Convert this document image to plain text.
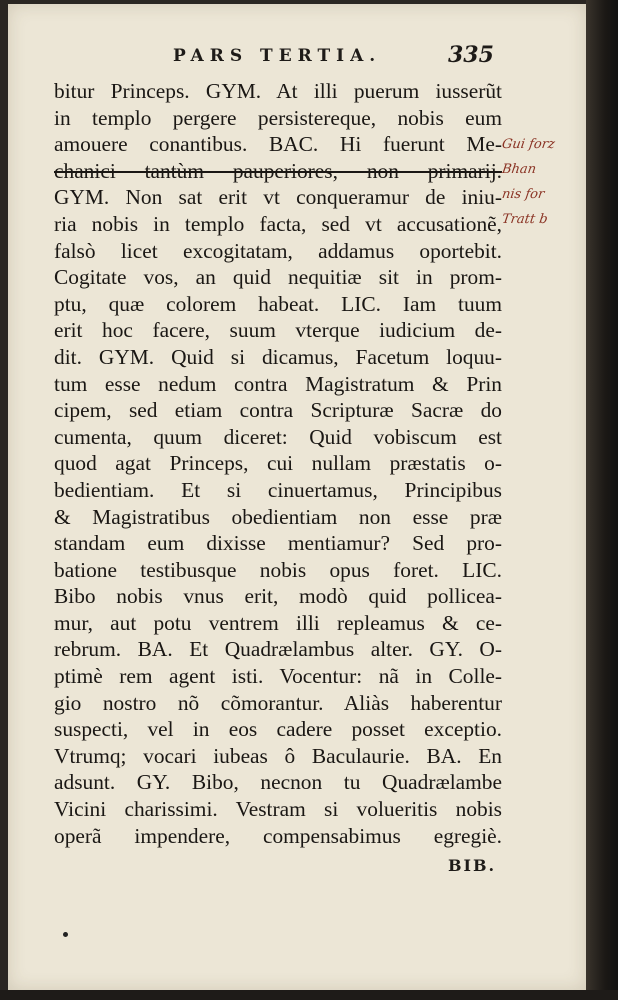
PARS TERTIA.	335
bitur Princeps. GYM. At illi puerum iusserũt
in templo pergere persistereque, nobis eum
amouere conantibus. BAC. Hi fuerunt Me-
chanici tantùm pauperiores, non primarij.
GYM. Non sat erit vt conqueramur de iniu-
ria nobis in templo facta, sed vt accusationẽ,
falsò licet excogitatam, addamus oportebit.
Cogitate vos, an quid nequitiæ sit in prom-
ptu, quæ colorem habeat. LIC. Iam tuum
erit hoc facere, suum vterque iudicium de-
dit. GYM. Quid si dicamus, Facetum loquu-
tum esse nedum contra Magistratum & Prin
cipem, sed etiam contra Scripturæ Sacræ do
cumenta, quum diceret: Quid vobiscum est
quod agat Princeps, cui nullam præstatis o-
bedientiam. Et si cinuertamus, Principibus
& Magistratibus obedientiam non esse præ
standam eum dixisse mentiamur? Sed pro-
batione testibusque nobis opus foret. LIC.
Bibo nobis vnus erit, modò quid pollicea-
mur, aut potu ventrem illi repleamus & ce-
rebrum. BA. Et Quadrælambus alter. GY. O-
ptimè rem agent isti. Vocentur: nã in Colle-
gio nostro nõ cõmorantur. Aliàs haberentur
suspecti, vel in eos cadere posset exceptio.
Vtrumq; vocari iubeas ô Baculaurie. BA. En
adsunt. GY. Bibo, necnon tu Quadrælambe
Vicini charissimi. Vestram si volueritis nobis
operã impendere, compensabimus egregiè.
BIB.
Gui forz
Bhan
nis for
Tratt b
